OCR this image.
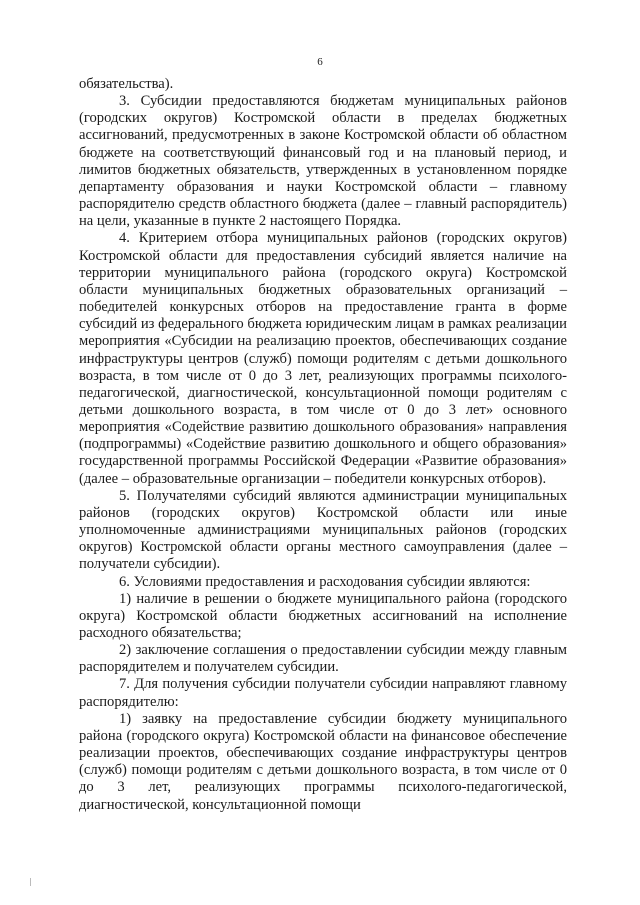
6

обязательства).

3. Субсидии предоставляются бюджетам муниципальных районов (городских округов) Костромской области в пределах бюджетных ассигнований, предусмотренных в законе Костромской области об областном бюджете на соответствующий финансовый год и на плановый период, и лимитов бюджетных обязательств, утвержденных в установленном порядке департаменту образования и науки Костромской области – главному распорядителю средств областного бюджета (далее – главный распорядитель) на цели, указанные в пункте 2 настоящего Порядка.

4. Критерием отбора муниципальных районов (городских округов) Костромской области для предоставления субсидий является наличие на территории муниципального района (городского округа) Костромской области муниципальных бюджетных образовательных организаций – победителей конкурсных отборов на предоставление гранта в форме субсидий из федерального бюджета юридическим лицам в рамках реализации мероприятия «Субсидии на реализацию проектов, обеспечивающих создание инфраструктуры центров (служб) помощи родителям с детьми дошкольного возраста, в том числе от 0 до 3 лет, реализующих программы психолого-педагогической, диагностической, консультационной помощи родителям с детьми дошкольного возраста, в том числе от 0 до 3 лет» основного мероприятия «Содействие развитию дошкольного образования» направления (подпрограммы) «Содействие развитию дошкольного и общего образования» государственной программы Российской Федерации «Развитие образования» (далее – образовательные организации – победители конкурсных отборов).

5. Получателями субсидий являются администрации муниципальных районов (городских округов) Костромской области или иные уполномоченные администрациями муниципальных районов (городских округов) Костромской области органы местного самоуправления (далее – получатели субсидии).

6. Условиями предоставления и расходования субсидии являются:

1) наличие в решении о бюджете муниципального района (городского округа) Костромской области бюджетных ассигнований на исполнение расходного обязательства;

2) заключение соглашения о предоставлении субсидии между главным распорядителем и получателем субсидии.

7. Для получения субсидии получатели субсидии направляют главному распорядителю:

1) заявку на предоставление субсидии бюджету муниципального района (городского округа) Костромской области на финансовое обеспечение реализации проектов, обеспечивающих создание инфраструктуры центров (служб) помощи родителям с детьми дошкольного возраста, в том числе от 0 до 3 лет, реализующих программы психолого-педагогической, диагностической, консультационной помощи
